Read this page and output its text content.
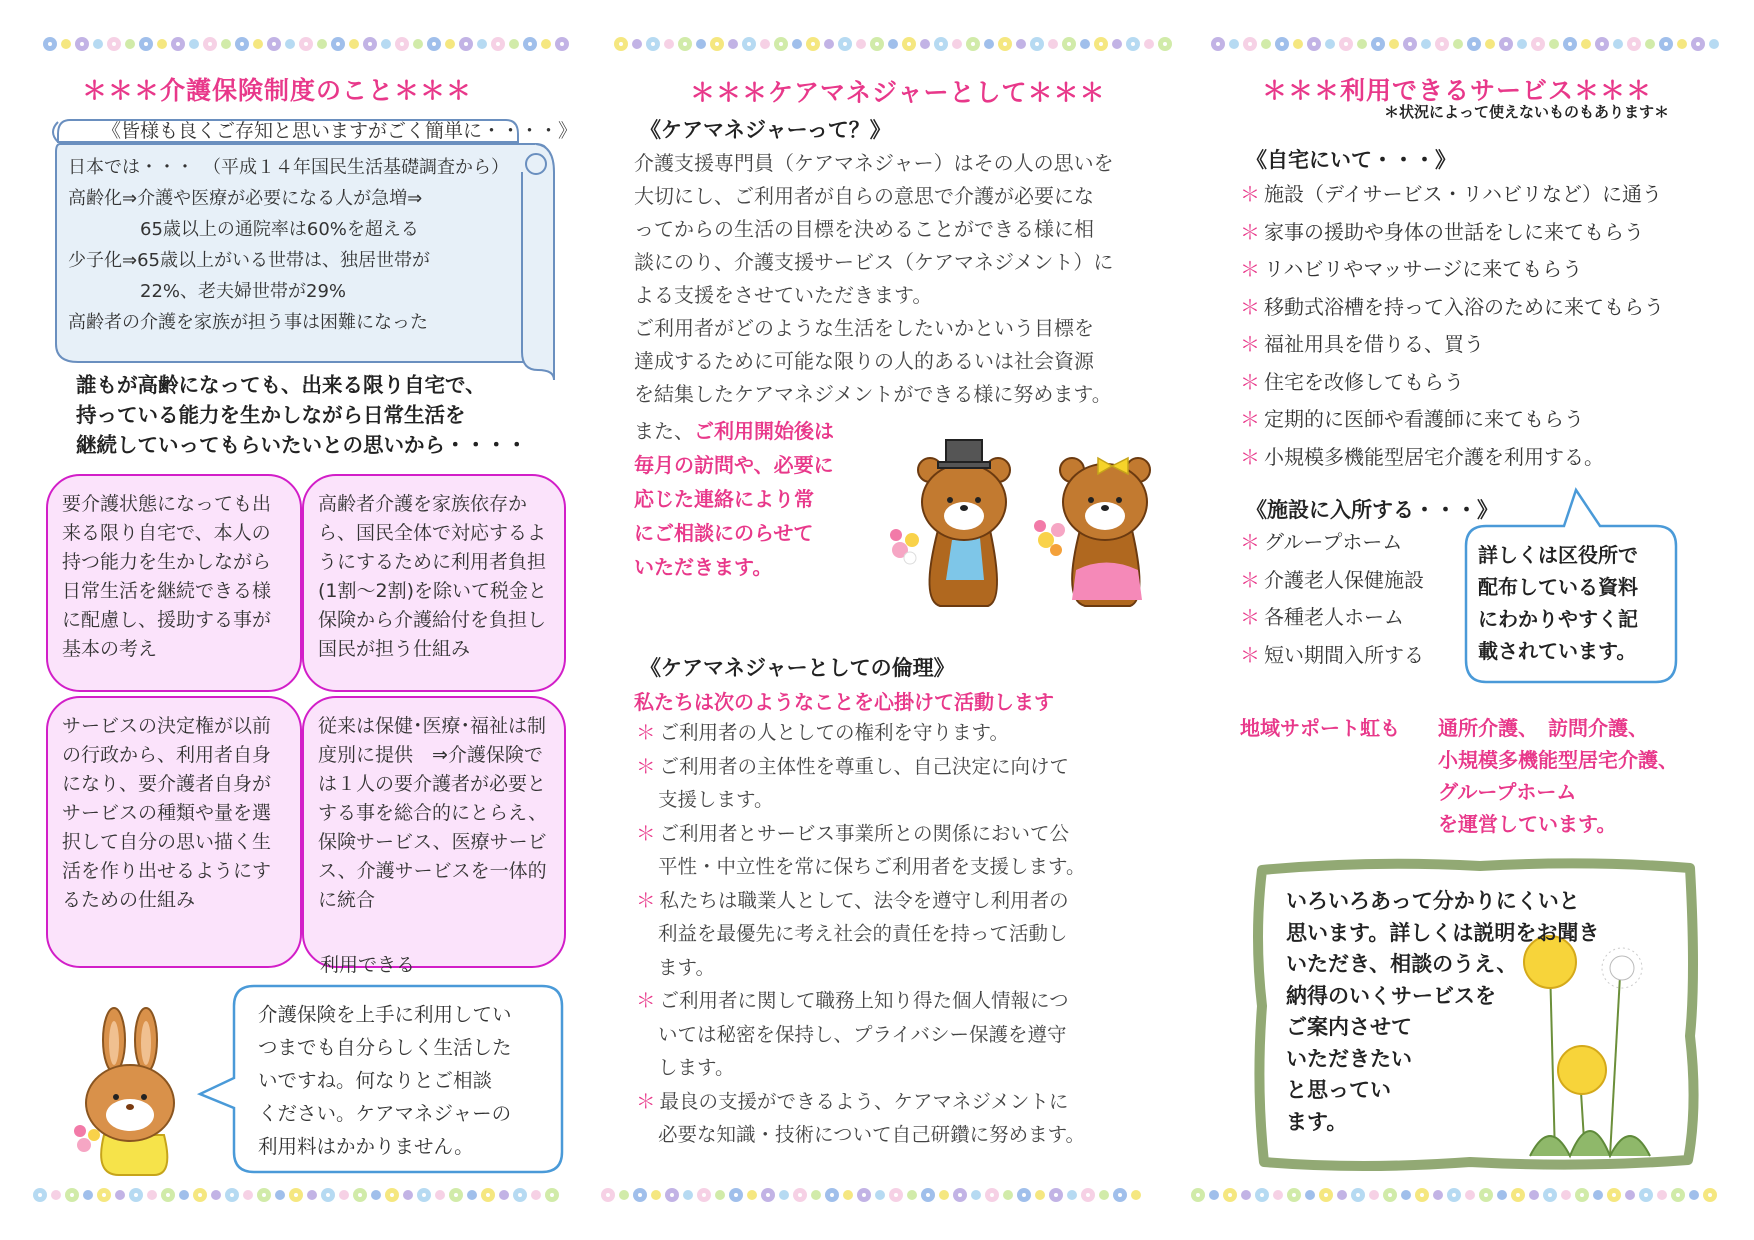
＊＊＊介護保険制度のこと＊＊＊
《皆様も良くご存知と思いますがごく簡単に・・・・》
日本では・・・　（平成１４年国民生活基礎調査から）
高齢化⇒介護や医療が必要になる人が急増⇒
　　　　65歳以上の通院率は60%を超える
少子化⇒65歳以上がいる世帯は、独居世帯が
　　　　22%、老夫婦世帯が29%
高齢者の介護を家族が担う事は困難になった
誰もが高齢になっても、出来る限り自宅で、
持っている能力を生かしながら日常生活を
継続していってもらいたいとの思いから・・・・
要介護状態になっても出来る限り自宅で、本人の持つ能力を生かしながら日常生活を継続できる様に配慮し、援助する事が基本の考え
高齢者介護を家族依存から、国民全体で対応するようにするために利用者負担(1割～2割)を除いて税金と保険から介護給付を負担し国民が担う仕組み
サービスの決定権が以前の行政から、利用者自身になり、要介護者自身がサービスの種類や量を選択して自分の思い描く生活を作り出せるようにするための仕組み
従来は保健･医療･福祉は制度別に提供　⇒介護保険では１人の要介護者が必要とする事を総合的にとらえ、保険サービス、医療サービス、介護サービスを一体的に統合
利用できる
介護保険を上手に利用してい
つまでも自分らしく生活した
いですね。何なりとご相談
ください。ケアマネジャーの
利用料はかかりません。
＊＊＊ケアマネジャーとして＊＊＊
《ケアマネジャーって？》
介護支援専門員（ケアマネジャー）はその人の思いを
大切にし、ご利用者が自らの意思で介護が必要にな
ってからの生活の目標を決めることができる様に相
談にのり、介護支援サービス（ケアマネジメント）に
よる支援をさせていただきます。
ご利用者がどのような生活をしたいかという目標を
達成するために可能な限りの人的あるいは社会資源
を結集したケアマネジメントができる様に努めます。
また、ご利用開始後は
毎月の訪問や、必要に
応じた連絡により常
にご相談にのらせて
いただきます。
《ケアマネジャーとしての倫理》
私たちは次のようなことを心掛けて活動します
＊ ご利用者の人としての権利を守ります。
＊ ご利用者の主体性を尊重し、自己決定に向けて
支援します。
＊ ご利用者とサービス事業所との関係において公
平性・中立性を常に保ちご利用者を支援します。
＊ 私たちは職業人として、法令を遵守し利用者の
利益を最優先に考え社会的責任を持って活動し
ます。
＊ ご利用者に関して職務上知り得た個人情報につ
いては秘密を保持し、プライバシー保護を遵守
します。
＊ 最良の支援ができるよう、ケアマネジメントに
必要な知識・技術について自己研鑽に努めます。
＊＊＊利用できるサービス＊＊＊
＊状況によって使えないものもあります＊
《自宅にいて・・・》
＊ 施設（デイサービス・リハビリなど）に通う
＊ 家事の援助や身体の世話をしに来てもらう
＊ リハビリやマッサージに来てもらう
＊ 移動式浴槽を持って入浴のために来てもらう
＊ 福祉用具を借りる、買う
＊ 住宅を改修してもらう
＊ 定期的に医師や看護師に来てもらう
＊ 小規模多機能型居宅介護を利用する。
《施設に入所する・・・》
＊ グループホーム
＊ 介護老人保健施設
＊ 各種老人ホーム
＊ 短い期間入所する
詳しくは区役所で
配布している資料
にわかりやすく記
載されています。
地域サポート虹も 通所介護、　訪問介護、
小規模多機能型居宅介護、
グループホーム
を運営しています。
いろいろあって分かりにくいと
思います。詳しくは説明をお聞き
いただき、相談のうえ、
納得のいくサービスを
ご案内させて
いただきたい
と思ってい
ます。
